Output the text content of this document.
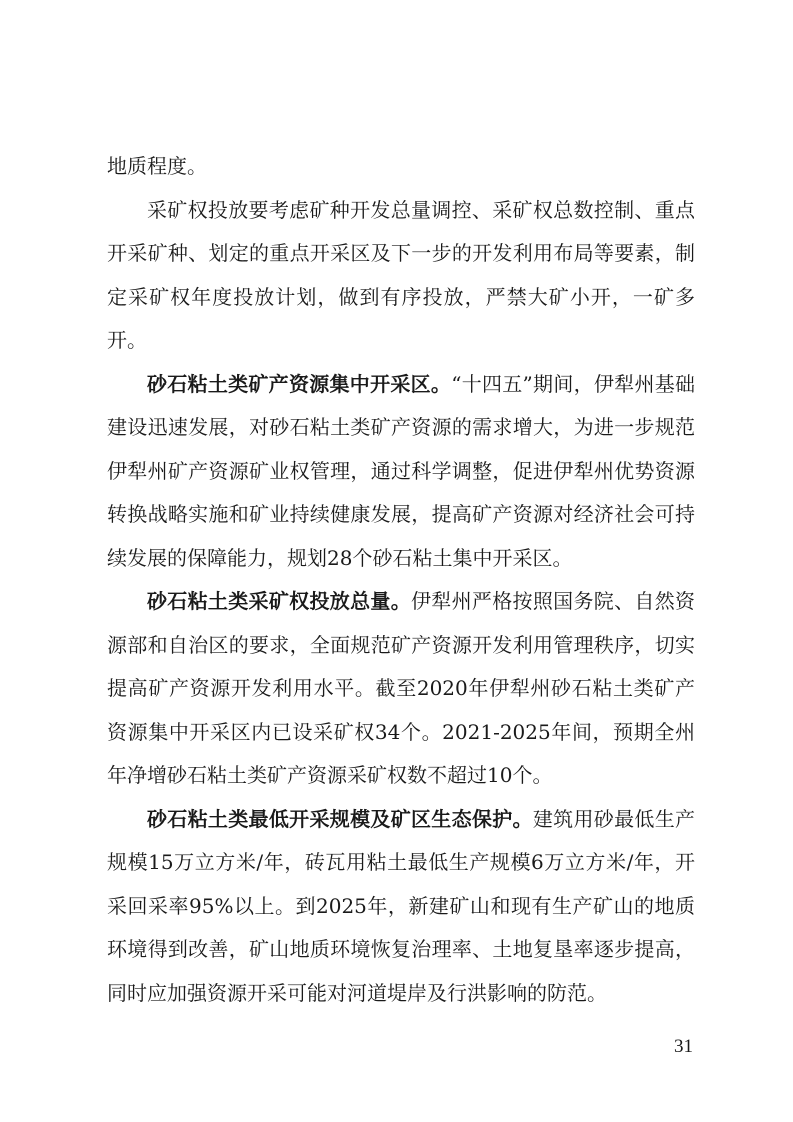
地质程度。

采矿权投放要考虑矿种开发总量调控、采矿权总数控制、重点开采矿种、划定的重点开采区及下一步的开发利用布局等要素，制定采矿权年度投放计划，做到有序投放，严禁大矿小开，一矿多开。

砂石粘土类矿产资源集中开采区。“十四五”期间，伊犁州基础建设迅速发展，对砂石粘土类矿产资源的需求增大，为进一步规范伊犁州矿产资源矿业权管理，通过科学调整，促进伊犁州优势资源转换战略实施和矿业持续健康发展，提高矿产资源对经济社会可持续发展的保障能力，规划28个砂石粘土集中开采区。

砂石粘土类采矿权投放总量。伊犁州严格按照国务院、自然资源部和自治区的要求，全面规范矿产资源开发利用管理秩序，切实提高矿产资源开发利用水平。截至2020年伊犁州砂石粘土类矿产资源集中开采区内已设采矿权34个。2021-2025年间，预期全州年净增砂石粘土类矿产资源采矿权数不超过10个。

砂石粘土类最低开采规模及矿区生态保护。建筑用砂最低生产规模15万立方米/年，砖瓦用粘土最低生产规模6万立方米/年，开采回采率95%以上。到2025年，新建矿山和现有生产矿山的地质环境得到改善，矿山地质环境恢复治理率、土地复垦率逐步提高，同时应加强资源开采可能对河道堤岸及行洪影响的防范。

31
